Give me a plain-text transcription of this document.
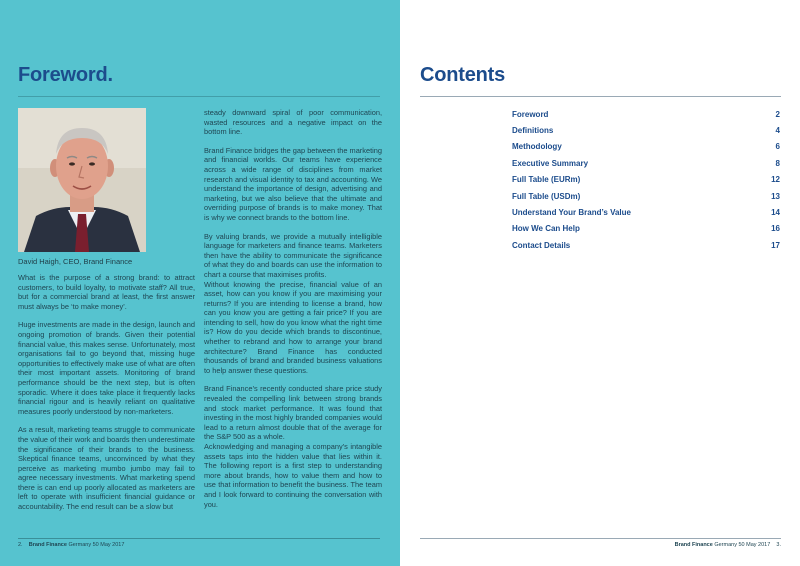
Foreword.
David Haigh, CEO, Brand Finance

What is the purpose of a strong brand: to attract customers, to build loyalty, to motivate staff? All true, but for a commercial brand at least, the first answer must always be ‘to make money’.

Huge investments are made in the design, launch and ongoing promotion of brands. Given their potential financial value, this makes sense. Unfortunately, most organisations fail to go beyond that, missing huge opportunities to effectively make use of what are often their most important assets. Monitoring of brand performance should be the next step, but is often sporadic. Where it does take place it frequently lacks financial rigour and is heavily reliant on qualitative measures poorly understood by non-marketers.

As a result, marketing teams struggle to communicate the value of their work and boards then underestimate the significance of their brands to the business. Skeptical finance teams, unconvinced by what they perceive as marketing mumbo jumbo may fail to agree necessary investments. What marketing spend there is can end up poorly allocated as marketers are left to operate with insufficient financial guidance or accountability. The end result can be a slow but

steady downward spiral of poor communication, wasted resources and a negative impact on the bottom line.

Brand Finance bridges the gap between the marketing and financial worlds. Our teams have experience across a wide range of disciplines from market research and visual identity to tax and accounting. We understand the importance of design, advertising and marketing, but we also believe that the ultimate and overriding purpose of brands is to make money. That is why we connect brands to the bottom line.

By valuing brands, we provide a mutually intelligible language for marketers and finance teams. Marketers then have the ability to communicate the significance of what they do and boards can use the information to chart a course that maximises profits.

Without knowing the precise, financial value of an asset, how can you know if you are maximising your returns? If you are intending to license a brand, how can you know you are getting a fair price? If you are intending to sell, how do you know what the right time is? How do you decide which brands to discontinue, whether to rebrand and how to arrange your brand architecture? Brand Finance has conducted thousands of brand and branded business valuations to help answer these questions.

Brand Finance’s recently conducted share price study revealed the compelling link between strong brands and stock market performance. It was found that investing in the most highly branded companies would lead to a return almost double that of the average for the S&P 500 as a whole.

Acknowledging and managing a company’s intangible assets taps into the hidden value that lies within it. The following report is a first step to understanding more about brands, how to value them and how to use that information to benefit the business. The team and I look forward to continuing the conversation with you.

2. Brand Finance Germany 50 May 2017
Contents
Foreword	2
Definitions	4
Methodology	6
Executive Summary	8
Full Table (EURm)	12
Full Table (USDm)	13
Understand Your Brand’s Value	14
How We Can Help	16
Contact Details	17
Brand Finance Germany 50 May 2017 3.
